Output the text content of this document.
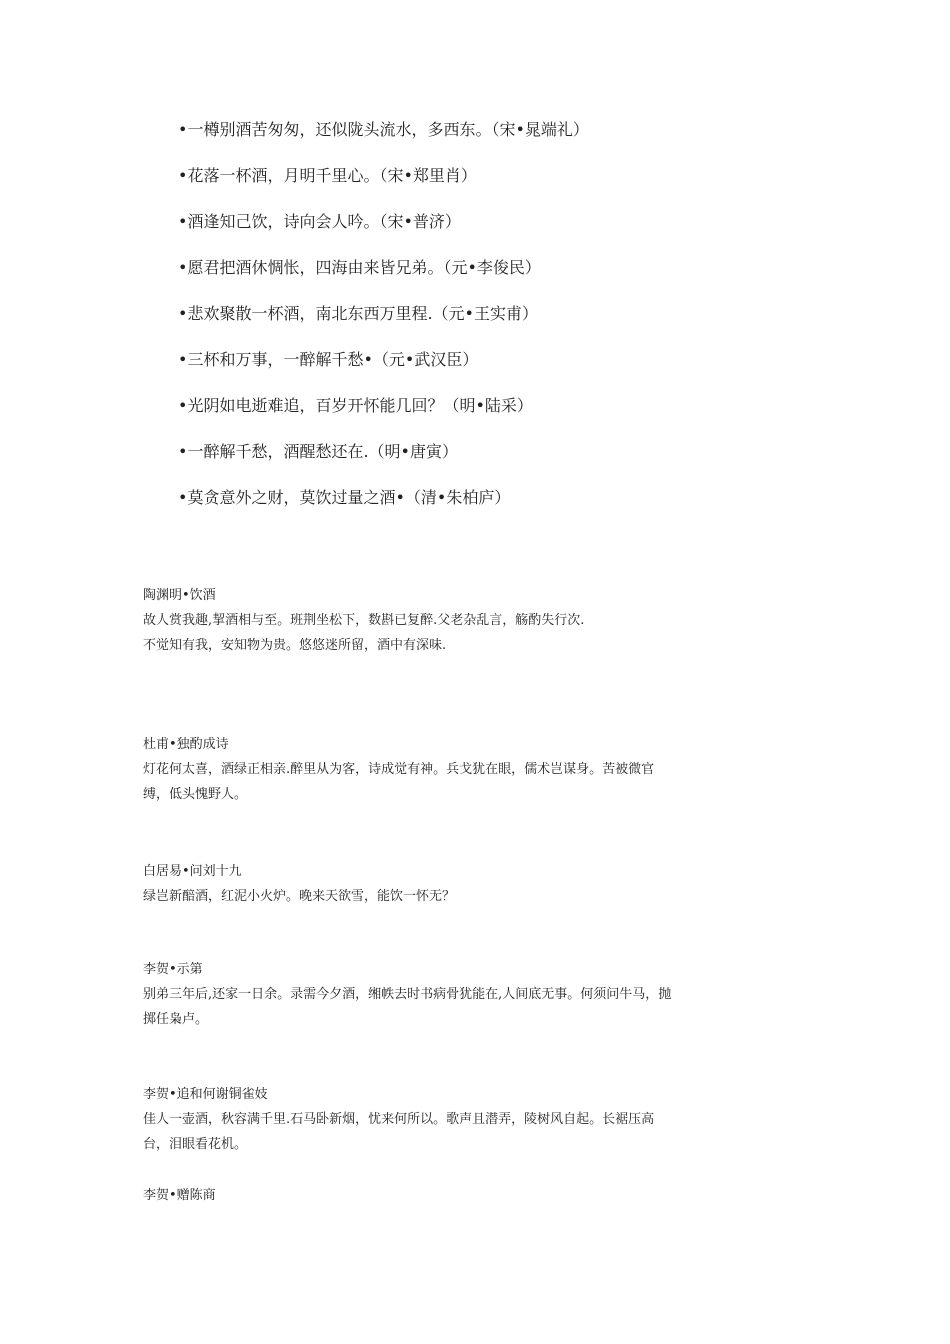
•一樽别酒苦匆匆，还似陇头流水，多西东。（宋•晁端礼）
•花落一杯酒，月明千里心。（宋•郑里肖）
•酒逢知己饮，诗向会人吟。（宋•普济）
•愿君把酒休惆怅，四海由来皆兄弟。（元•李俊民）
•悲欢聚散一杯酒，南北东西万里程.（元•王实甫）
•三杯和万事，一醉解千愁•（元•武汉臣）
•光阴如电逝难追，百岁开怀能几回？（明•陆采）
•一醉解千愁，酒醒愁还在.（明•唐寅）
•莫贪意外之财，莫饮过量之酒•（清•朱柏庐）
陶渊明•饮酒
故人赏我趣,挈酒相与至。班荆坐松下，数斟已复醉.父老杂乱言，觞酌失行次.
不觉知有我，安知物为贵。悠悠迷所留，酒中有深味.
杜甫•独酌成诗
灯花何太喜，酒绿正相亲.醉里从为客，诗成觉有神。兵戈犹在眼，儒术岂谋身。苦被微官缚，低头愧野人。
白居易•问刘十九
绿岂新醅酒，红泥小火炉。晚来天欲雪，能饮一怀无？
李贺•示第
别弟三年后,还家一日余。录需今夕酒，缃帙去时书病骨犹能在,人间底无事。何须问牛马，抛掷任枭卢。
李贺•追和何谢铜雀妓
佳人一壶酒，秋容满千里.石马卧新烟，忧来何所以。歌声且潜弄，陵树风自起。长裾压高台，泪眼看花机。
李贺•赠陈商
